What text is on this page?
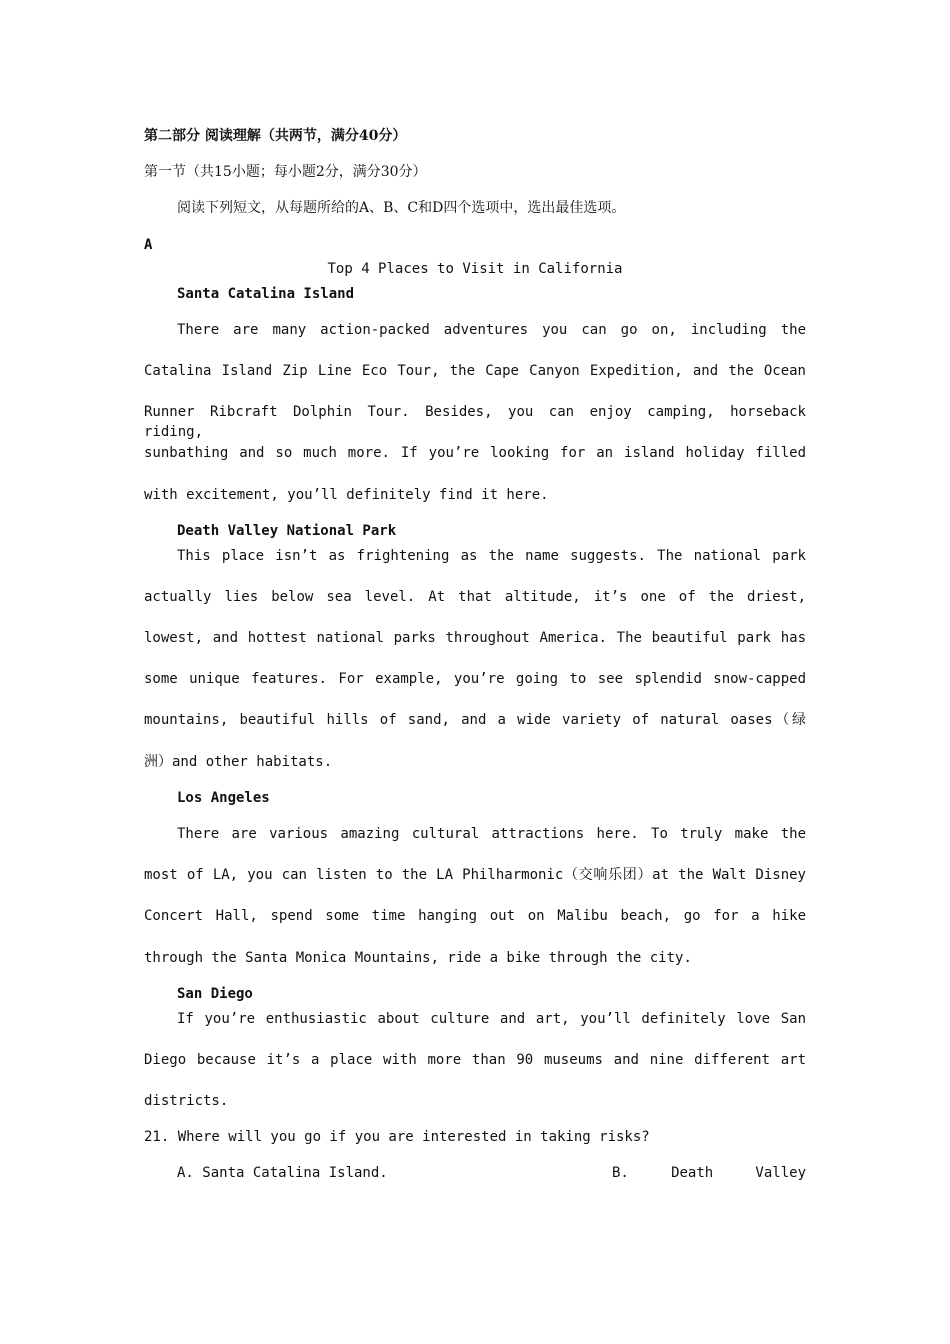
第二部分 阅读理解（共两节，满分40分）
第一节（共15小题；每小题2分，满分30分）
阅读下列短文，从每题所给的A、B、C和D四个选项中，选出最佳选项。
A
Top 4 Places to Visit in California
Santa Catalina Island
There are many action-packed adventures you can go on, including the
Catalina Island Zip Line Eco Tour, the Cape Canyon Expedition, and the Ocean
Runner Ribcraft Dolphin Tour. Besides, you can enjoy camping, horseback riding,
sunbathing and so much more. If you’re looking for an island holiday filled
with excitement, you’ll definitely find it here.
Death Valley National Park
This place isn’t as frightening as the name suggests. The national park
actually lies below sea level. At that altitude, it’s one of the driest,
lowest, and hottest national parks throughout America. The beautiful park has
some unique features. For example, you’re going to see splendid snow-capped
mountains, beautiful hills of sand, and a wide variety of natural oases（绿
洲）and other habitats.
Los Angeles
There are various amazing cultural attractions here. To truly make the
most of LA, you can listen to the LA Philharmonic（交响乐团）at the Walt Disney
Concert Hall, spend some time hanging out on Malibu beach, go for a hike
through the Santa Monica Mountains, ride a bike through the city.
San Diego
If you’re enthusiastic about culture and art, you’ll definitely love San
Diego because it’s a place with more than 90 museums and nine different art
districts.
21. Where will you go if you are interested in taking risks?
A. Santa Catalina Island.	B. Death Valley
